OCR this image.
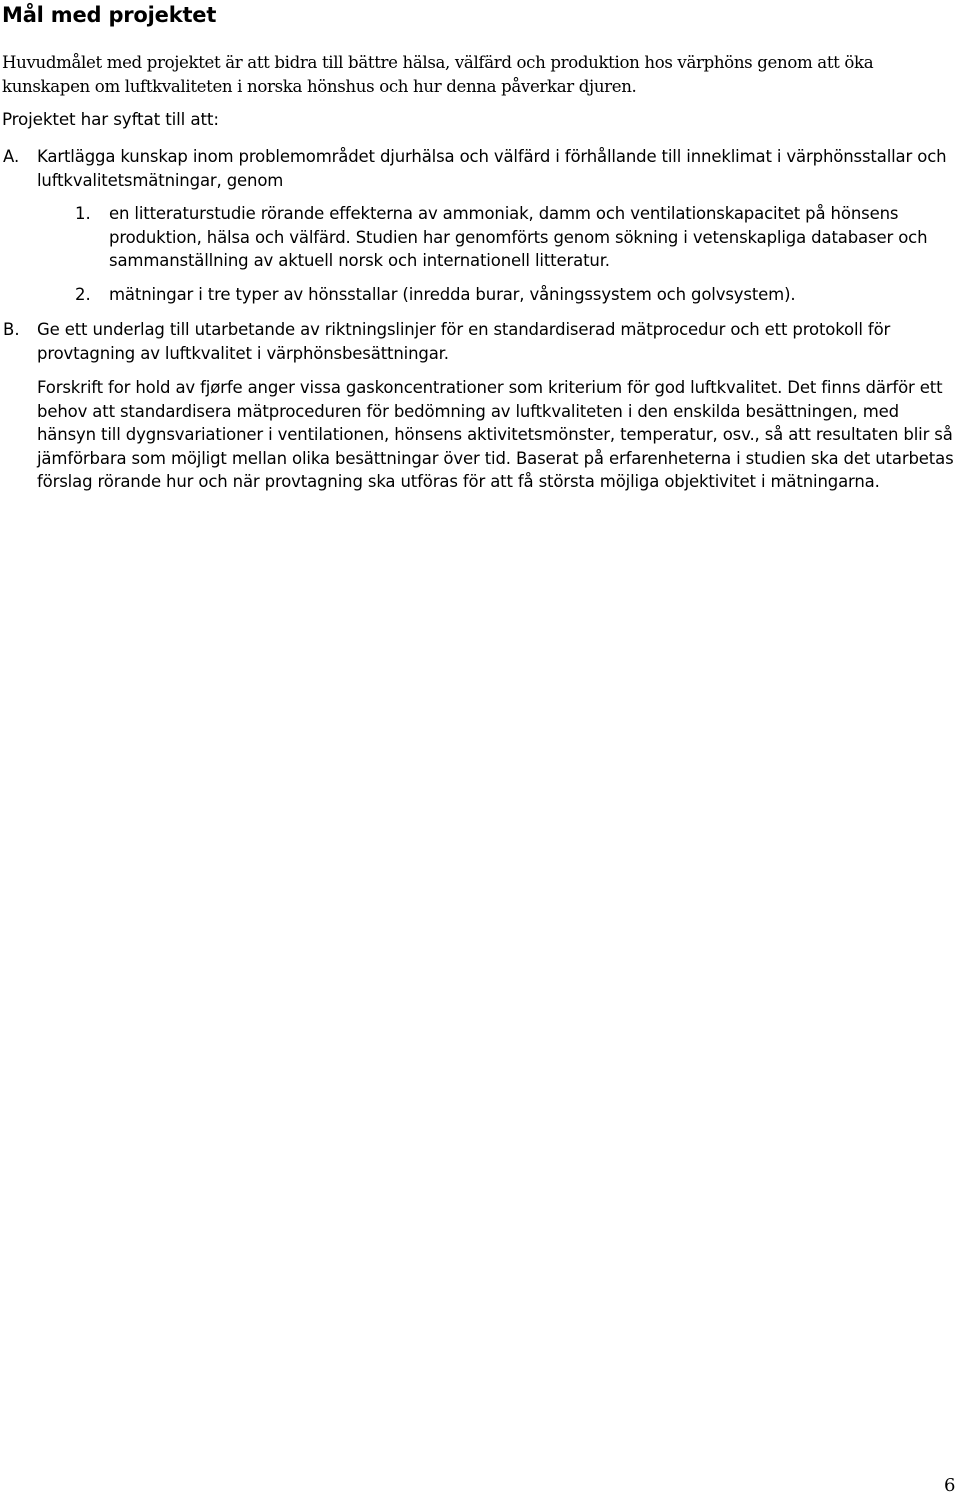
Mål med projektet

Huvudmålet med projektet är att bidra till bättre hälsa, välfärd och produktion hos värphöns genom att öka kunskapen om luftkvaliteten i norska hönshus och hur denna påverkar djuren.

Projektet har syftat till att:

A.	Kartlägga kunskap inom problemområdet djurhälsa och välfärd i förhållande till inneklimat i värphönsstallar och luftkvalitetsmätningar, genom
1.	en litteraturstudie rörande effekterna av ammoniak, damm och ventilationskapacitet på hönsens produktion, hälsa och välfärd. Studien har genomförts genom sökning i vetenskapliga databaser och sammanställning av aktuell norsk och internationell litteratur.
2.	mätningar i tre typer av hönsstallar (inredda burar, våningssystem och golvsystem).
B.	Ge ett underlag till utarbetande av riktningslinjer för en standardiserad mätprocedur och ett protokoll för provtagning av luftkvalitet i värphönsbesättningar.

Forskrift for hold av fjørfe anger vissa gaskoncentrationer som kriterium för god luftkvalitet. Det finns därför ett behov att standardisera mätproceduren för bedömning av luftkvaliteten i den enskilda besättningen, med hänsyn till dygnsvariationer i ventilationen, hönsens aktivitetsmönster, temperatur, osv., så att resultaten blir så jämförbara som möjligt mellan olika besättningar över tid. Baserat på erfarenheterna i studien ska det utarbetas förslag rörande hur och när provtagning ska utföras för att få största möjliga objektivitet i mätningarna.

6
